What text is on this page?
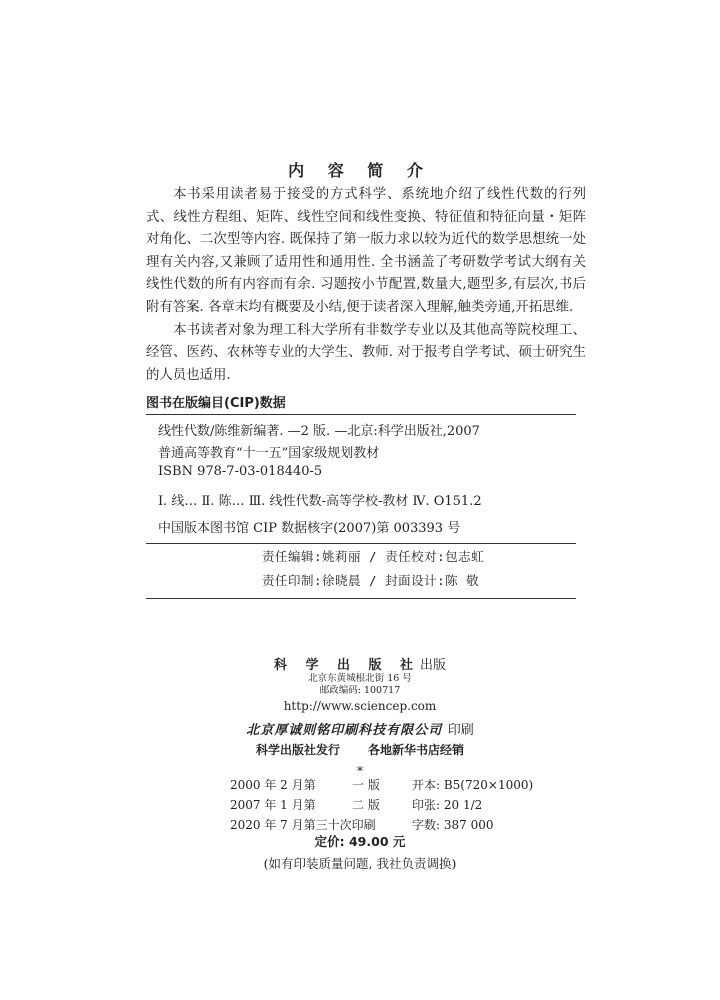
内 容 简 介

本书采用读者易于接受的方式科学、系统地介绍了线性代数的行列式、线性方程组、矩阵、线性空间和线性变换、特征值和特征向量・矩阵对角化、二次型等内容. 既保持了第一版力求以较为近代的数学思想统一处理有关内容,又兼顾了适用性和通用性. 全书涵盖了考研数学考试大纲有关线性代数的所有内容而有余. 习题按小节配置,数量大,题型多,有层次,书后附有答案. 各章末均有概要及小结,便于读者深入理解,触类旁通,开拓思维.

本书读者对象为理工科大学所有非数学专业以及其他高等院校理工、经管、医药、农林等专业的大学生、教师. 对于报考自学考试、硕士研究生的人员也适用.

图书在版编目(CIP)数据
线性代数/陈维新编著. —2 版. —北京:科学出版社,2007
普通高等教育“十一五”国家级规划教材
ISBN 978-7-03-018440-5
Ⅰ. 线… Ⅱ. 陈… Ⅲ. 线性代数-高等学校-教材 Ⅳ. O151.2
中国版本图书馆 CIP 数据核字(2007)第 003393 号
责任编辑:姚莉丽 / 责任校对:包志虹
责任印制:徐晓晨 / 封面设计:陈 敬
科 学 出 版 社出版
北京东黄城根北街 16 号
邮政编码: 100717
http://www.sciencep.com
北京厚诚则铭印刷科技有限公司 印刷
科学出版社发行 各地新华书店经销
*
2000 年 2 月第	一 版	开本: B5(720×1000)
2007 年 1 月第	二 版	印张: 20 1/2
2020 年 7 月第三十次印刷	字数: 387 000
定价: 49.00 元
(如有印装质量问题, 我社负责调换)
